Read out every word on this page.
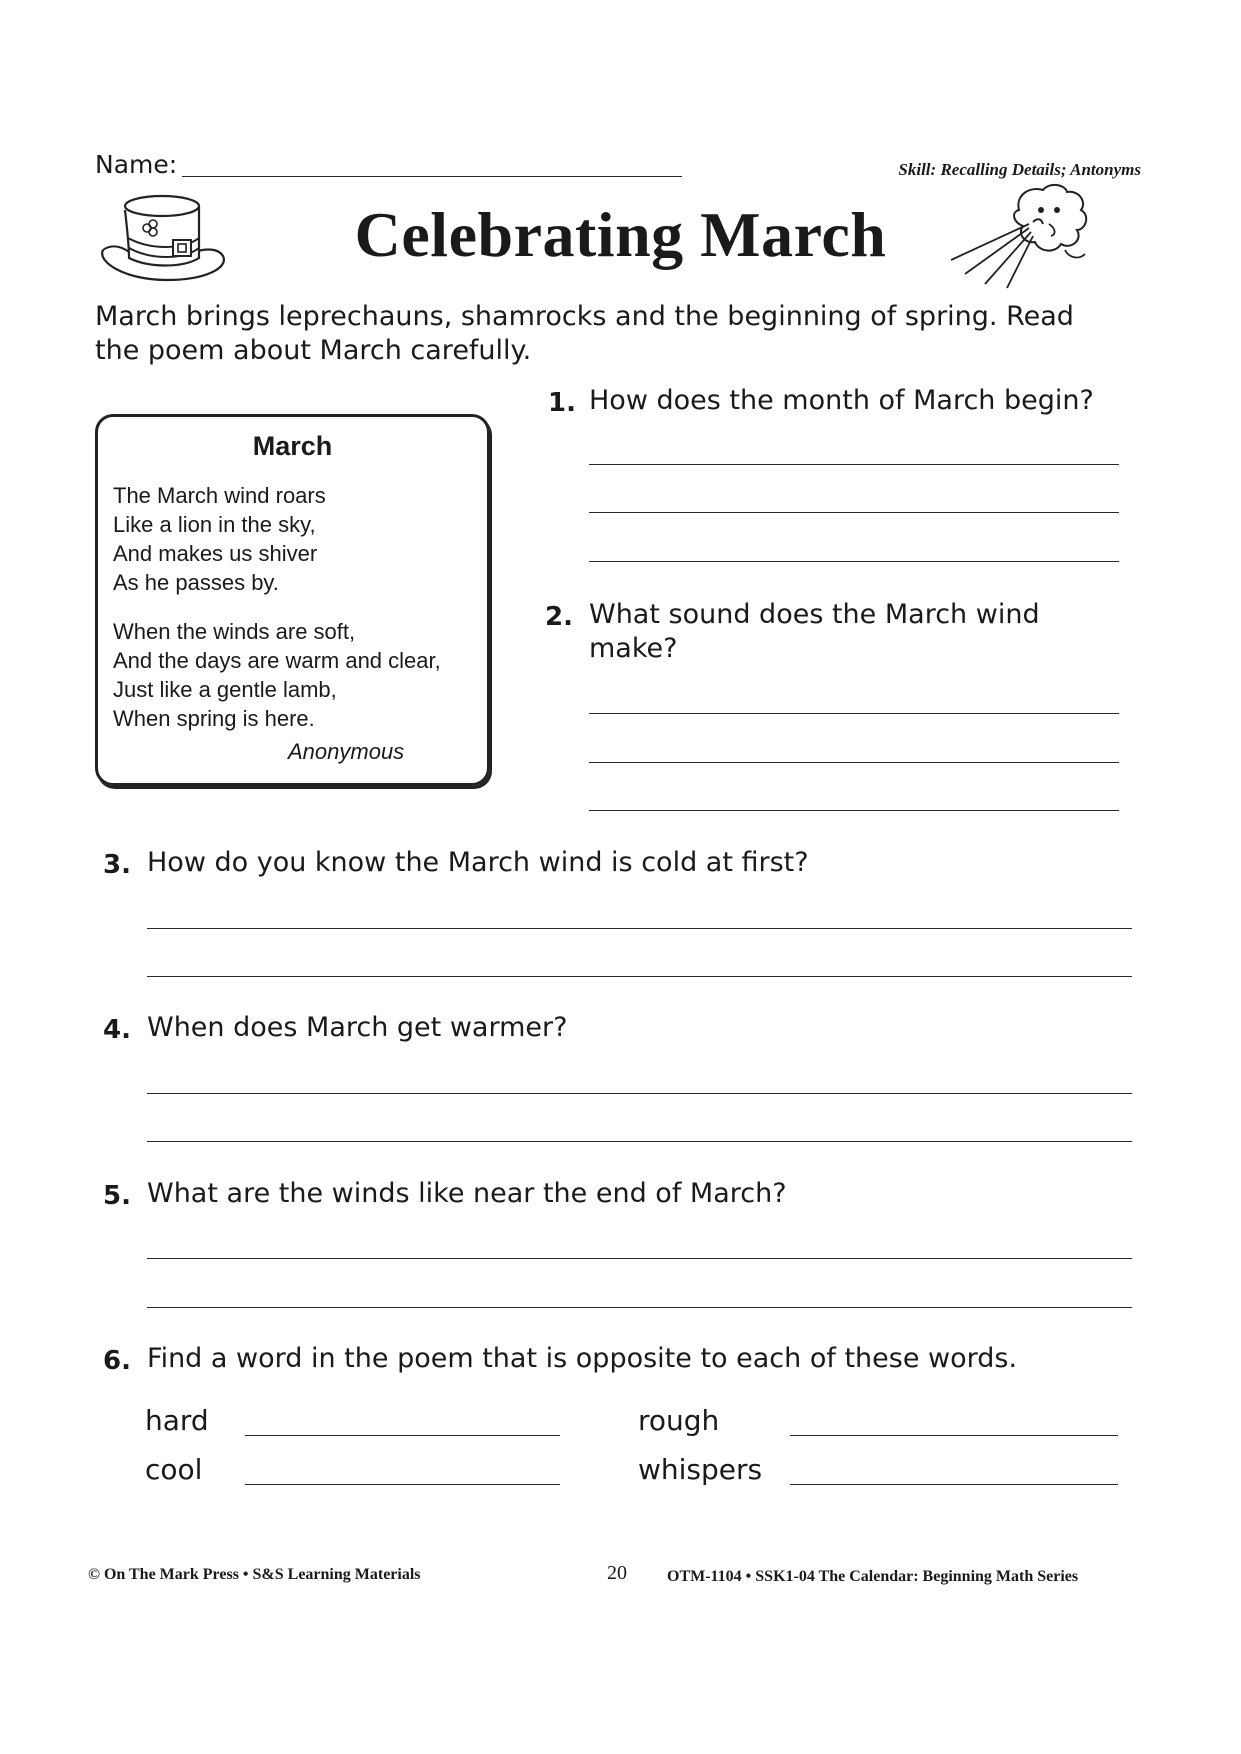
Name:	Skill: Recalling Details; Antonyms
Celebrating March
March brings leprechauns, shamrocks and the beginning of spring. Read the poem about March carefully.
March
The March wind roars
Like a lion in the sky,
And makes us shiver
As he passes by.
When the winds are soft,
And the days are warm and clear,
Just like a gentle lamb,
When spring is here.
Anonymous
1. How does the month of March begin?
2. What sound does the March wind make?
3. How do you know the March wind is cold at first?
4. When does March get warmer?
5. What are the winds like near the end of March?
6. Find a word in the poem that is opposite to each of these words.
hard	rough
cool	whispers
© On The Mark Press • S&S Learning Materials	20	OTM-1104 • SSK1-04 The Calendar: Beginning Math Series
